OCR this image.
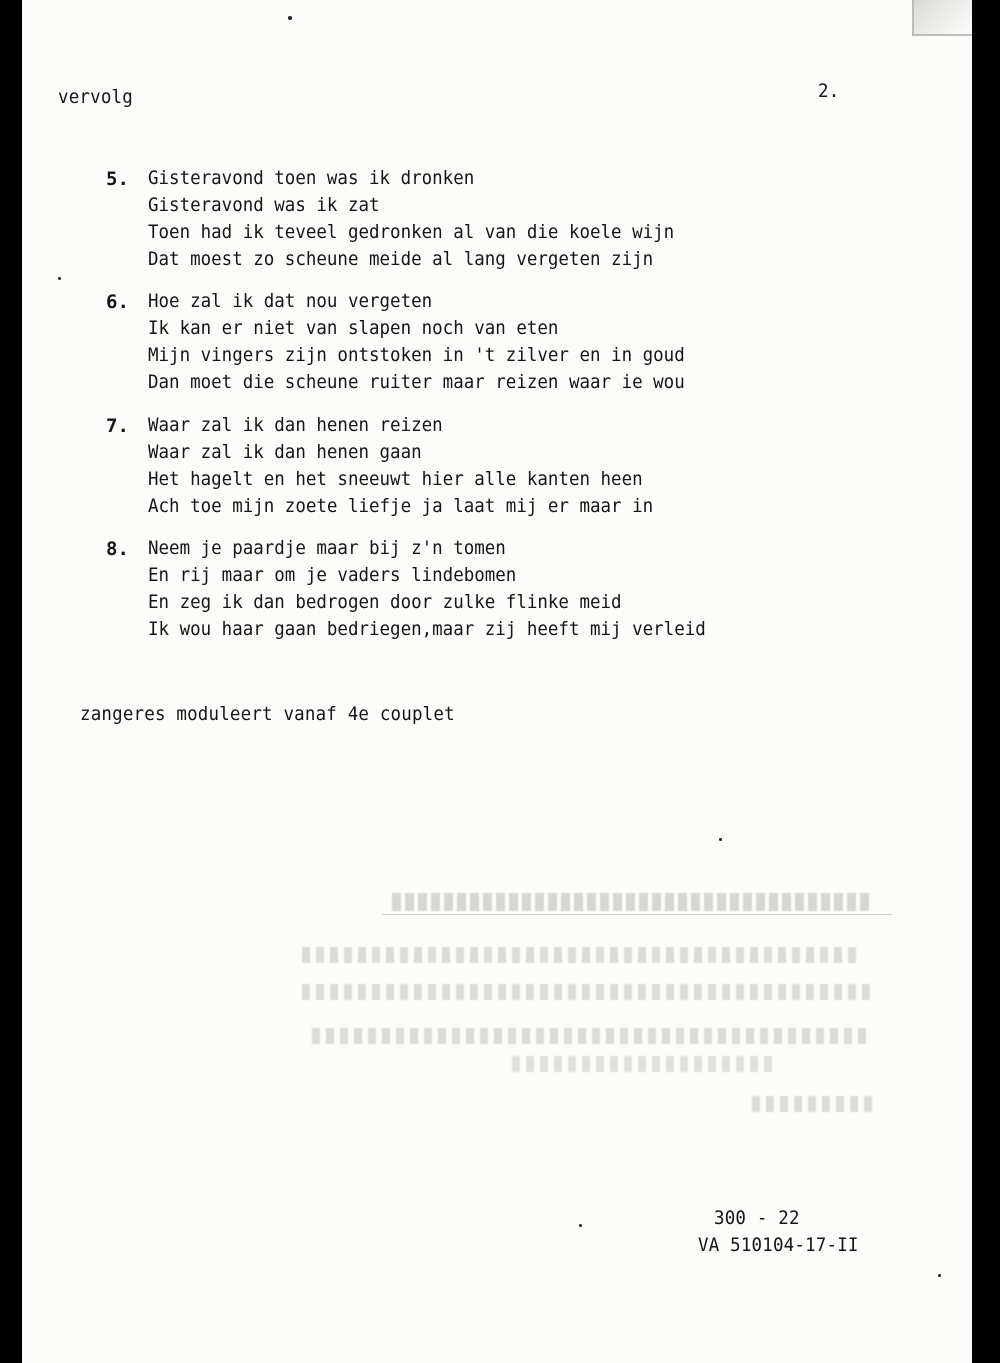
vervolg	2.
5. Gisteravond toen was ik dronken
Gisteravond was ik zat
Toen had ik teveel gedronken al van die koele wijn
Dat moest zo scheune meide al lang vergeten zijn
6. Hoe zal ik dat nou vergeten
Ik kan er niet van slapen noch van eten
Mijn vingers zijn ontstoken in 't zilver en in goud
Dan moet die scheune ruiter maar reizen waar ie wou
7. Waar zal ik dan henen reizen
Waar zal ik dan henen gaan
Het hagelt en het sneeuwt hier alle kanten heen
Ach toe mijn zoete liefje ja laat mij er maar in
8. Neem je paardje maar bij z'n tomen
En rij maar om je vaders lindebomen
En zeg ik dan bedrogen door zulke flinke meid
Ik wou haar gaan bedriegen,maar zij heeft mij verleid
zangeres moduleert vanaf 4e couplet
300 - 22
VA 510104-17-II
